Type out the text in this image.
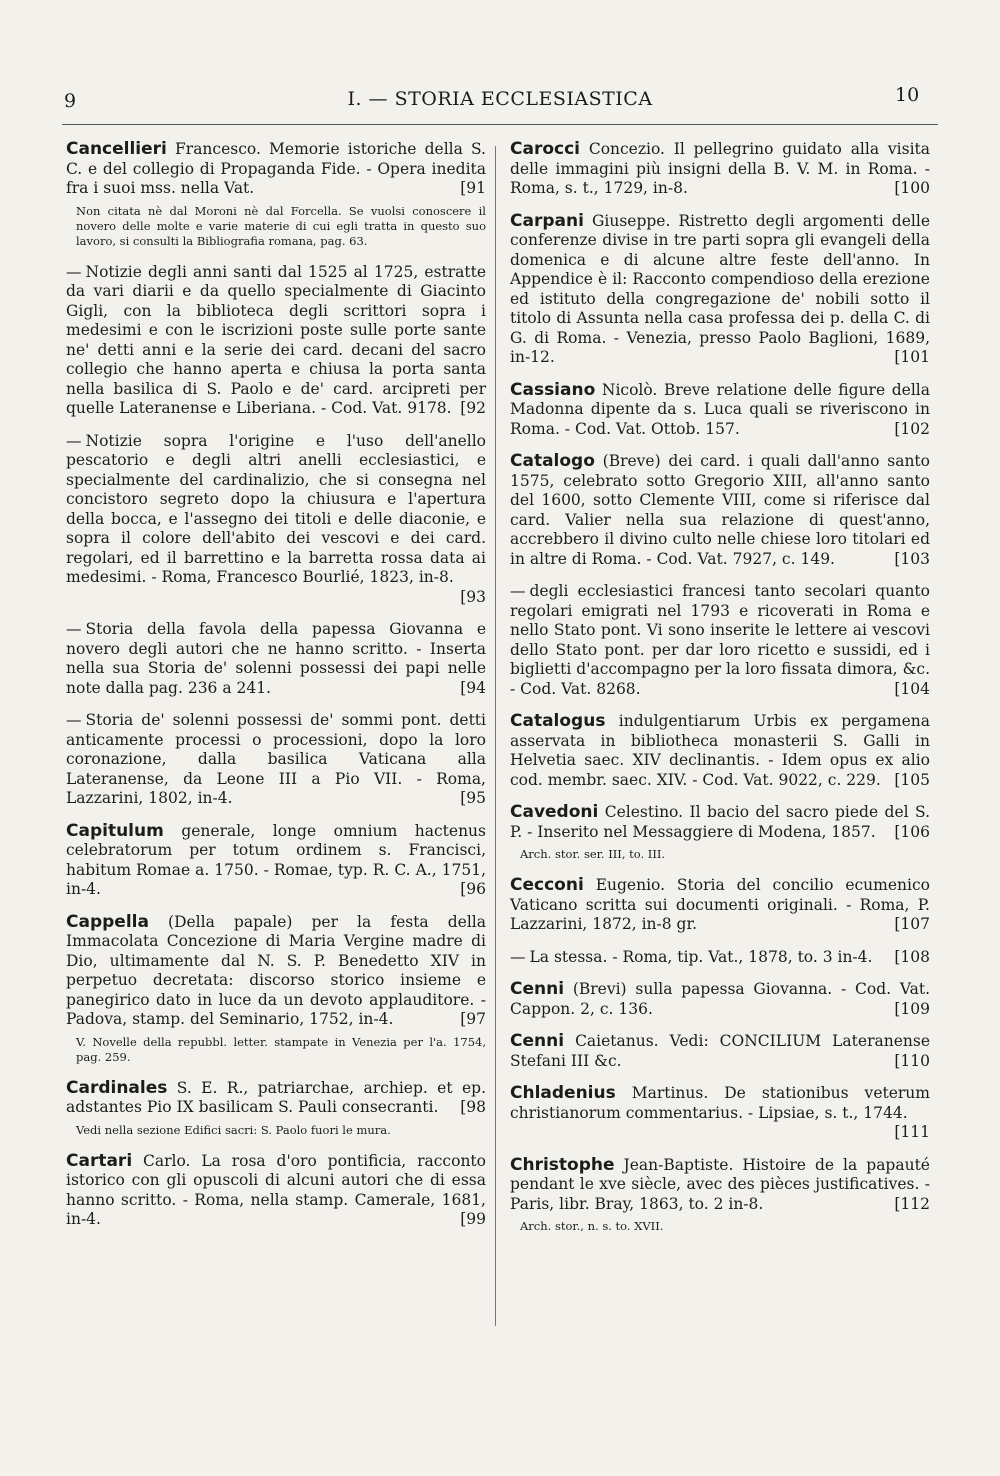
9	I. — STORIA ECCLESIASTICA	10
Cancellieri Francesco. Memorie istoriche della S. C. e del collegio di Propaganda Fide. - Opera inedita fra i suoi mss. nella Vat.	[91
Non citata nè dal Moroni nè dal Forcella. Se vuolsi conoscere il novero delle molte e varie materie di cui egli tratta in questo suo lavoro, si consulti la Bibliografia romana, pag. 63.
— Notizie degli anni santi dal 1525 al 1725, estratte da vari diarii e da quello specialmente di Giacinto Gigli, con la biblioteca degli scrittori sopra i medesimi e con le iscrizioni poste sulle porte sante ne' detti anni e la serie dei card. decani del sacro collegio che hanno aperta e chiusa la porta santa nella basilica di S. Paolo e de' card. arcipreti per quelle Lateranense e Liberiana. - Cod. Vat. 9178. [92
— Notizie sopra l'origine e l'uso dell'anello pescatorio e degli altri anelli ecclesiastici, e specialmente del cardinalizio, che si consegna nel concistoro segreto dopo la chiusura e l'apertura della bocca, e l'assegno dei titoli e delle diaconie, e sopra il colore dell'abito dei vescovi e dei card. regolari, ed il barrettino e la barretta rossa data ai medesimi. - Roma, Francesco Bourlié, 1823, in-8.
[93
— Storia della favola della papessa Giovanna e novero degli autori che ne hanno scritto. - Inserta nella sua Storia de' solenni possessi dei papi nelle note dalla pag. 236 a 241.	[94
— Storia de' solenni possessi de' sommi pont. detti anticamente processi o processioni, dopo la loro coronazione, dalla basilica Vaticana alla Lateranense, da Leone III a Pio VII. - Roma, Lazzarini, 1802, in-4.	[95
Capitulum generale, longe omnium hactenus celebratorum per totum ordinem s. Francisci, habitum Romae a. 1750. - Romae, typ. R. C. A., 1751, in-4.	[96
Cappella (Della papale) per la festa della Immacolata Concezione di Maria Vergine madre di Dio, ultimamente dal N. S. P. Benedetto XIV in perpetuo decretata: discorso storico insieme e panegirico dato in luce da un devoto applauditore. - Padova, stamp. del Seminario, 1752, in-4.	[97
V. Novelle della repubbl. letter. stampate in Venezia per l'a. 1754, pag. 259.
Cardinales S. E. R., patriarchae, archiep. et ep. adstantes Pio IX basilicam S. Pauli consecranti. [98
Vedi nella sezione Edifici sacri: S. Paolo fuori le mura.
Cartari Carlo. La rosa d'oro pontificia, racconto istorico con gli opuscoli di alcuni autori che di essa hanno scritto. - Roma, nella stamp. Camerale, 1681, in-4.	[99
Carocci Concezio. Il pellegrino guidato alla visita delle immagini più insigni della B. V. M. in Roma. - Roma, s. t., 1729, in-8.	[100
Carpani Giuseppe. Ristretto degli argomenti delle conferenze divise in tre parti sopra gli evangeli della domenica e di alcune altre feste dell'anno. In Appendice è il: Racconto compendioso della erezione ed istituto della congregazione de' nobili sotto il titolo di Assunta nella casa professa dei p. della C. di G. di Roma. - Venezia, presso Paolo Baglioni, 1689, in-12.	[101
Cassiano Nicolò. Breve relatione delle figure della Madonna dipente da s. Luca quali se riveriscono in Roma. - Cod. Vat. Ottob. 157.	[102
Catalogo (Breve) dei card. i quali dall'anno santo 1575, celebrato sotto Gregorio XIII, all'anno santo del 1600, sotto Clemente VIII, come si riferisce dal card. Valier nella sua relazione di quest'anno, accrebbero il divino culto nelle chiese loro titolari ed in altre di Roma. - Cod. Vat. 7927, c. 149.	[103
— degli ecclesiastici francesi tanto secolari quanto regolari emigrati nel 1793 e ricoverati in Roma e nello Stato pont. Vi sono inserite le lettere ai vescovi dello Stato pont. per dar loro ricetto e sussidi, ed i biglietti d'accompagno per la loro fissata dimora, &c. - Cod. Vat. 8268.	[104
Catalogus indulgentiarum Urbis ex pergamena asservata in bibliotheca monasterii S. Galli in Helvetia saec. XIV declinantis. - Idem opus ex alio cod. membr. saec. XIV. - Cod. Vat. 9022, c. 229. [105
Cavedoni Celestino. Il bacio del sacro piede del S. P. - Inserito nel Messaggiere di Modena, 1857. [106
Arch. stor. ser. III, to. III.
Cecconi Eugenio. Storia del concilio ecumenico Vaticano scritta sui documenti originali. - Roma, P. Lazzarini, 1872, in-8 gr.	[107
— La stessa. - Roma, tip. Vat., 1878, to. 3 in-4. [108
Cenni (Brevi) sulla papessa Giovanna. - Cod. Vat. Cappon. 2, c. 136.	[109
Cenni Caietanus. Vedi: CONCILIUM Lateranense Stefani III &c.	[110
Chladenius Martinus. De stationibus veterum christianorum commentarius. - Lipsiae, s. t., 1744.
[111
Christophe Jean-Baptiste. Histoire de la papauté pendant le xve siècle, avec des pièces justificatives. - Paris, libr. Bray, 1863, to. 2 in-8.	[112
Arch. stor., n. s. to. XVII.
